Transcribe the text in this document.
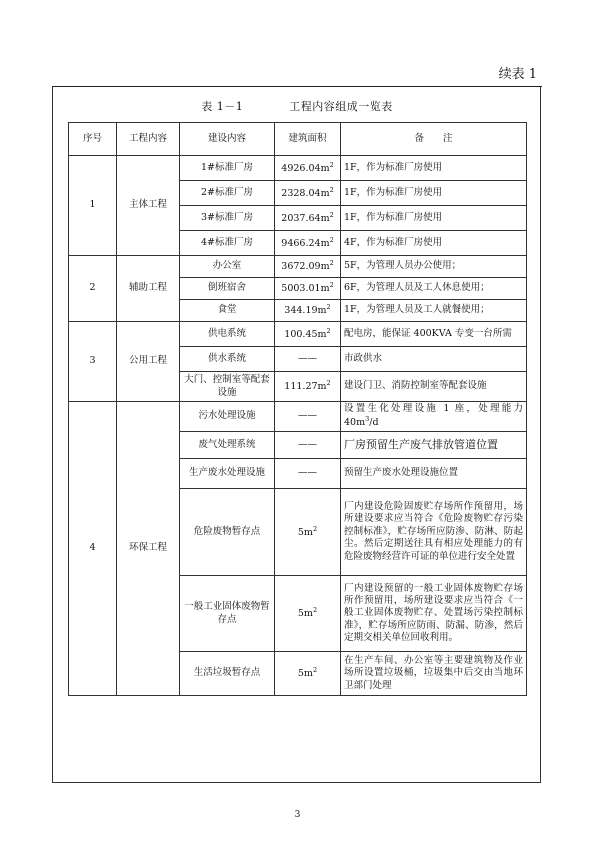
续表 1
表 1－1	工程内容组成一览表
序号	工程内容	建设内容	建筑面积	备　　注
1	主体工程	1#标准厂房	$4926.04m^2$	1F，作为标准厂房使用
		2#标准厂房	$2328.04m^2$	1F，作为标准厂房使用
		3#标准厂房	$2037.64m^2$	1F，作为标准厂房使用
		4#标准厂房	$9466.24m^2$	4F，作为标准厂房使用
2	辅助工程	办公室	$3672.09m^2$	5F，为管理人员办公使用；
		倒班宿舍	$5003.01m^2$	6F，为管理人员及工人休息使用；
		食堂	$344.19m^2$	1F，为管理人员及工人就餐使用；
3	公用工程	供电系统	$100.45m^2$	配电房，能保证 400KVA 专变一台所需
		供水系统	——	市政供水
		大门、控制室等配套设施	$111.27m^2$	建设门卫、消防控制室等配套设施
4	环保工程	污水处理设施	——	设置生化处理设施 1 座，处理能力 $40m^3/d$
		废气处理系统	——	厂房预留生产废气排放管道位置
		生产废水处理设施	——	预留生产废水处理设施位置
		危险废物暂存点	$5m^2$	厂内建设危险固废贮存场所作预留用，场所建设要求应当符合《危险废物贮存污染控制标准》，贮存场所应防渗、防淋、防起尘。然后定期送往具有相应处理能力的有危险废物经营许可证的单位进行安全处置
		一般工业固体废物暂存点	$5m^2$	厂内建设预留的一般工业固体废物贮存场所作预留用，场所建设要求应当符合《一般工业固体废物贮存、处置场污染控制标准》，贮存场所应防雨、防漏、防渗，然后定期交相关单位回收利用。
		生活垃圾暂存点	$5m^2$	在生产车间、办公室等主要建筑物及作业场所设置垃圾桶，垃圾集中后交由当地环卫部门处理
3
